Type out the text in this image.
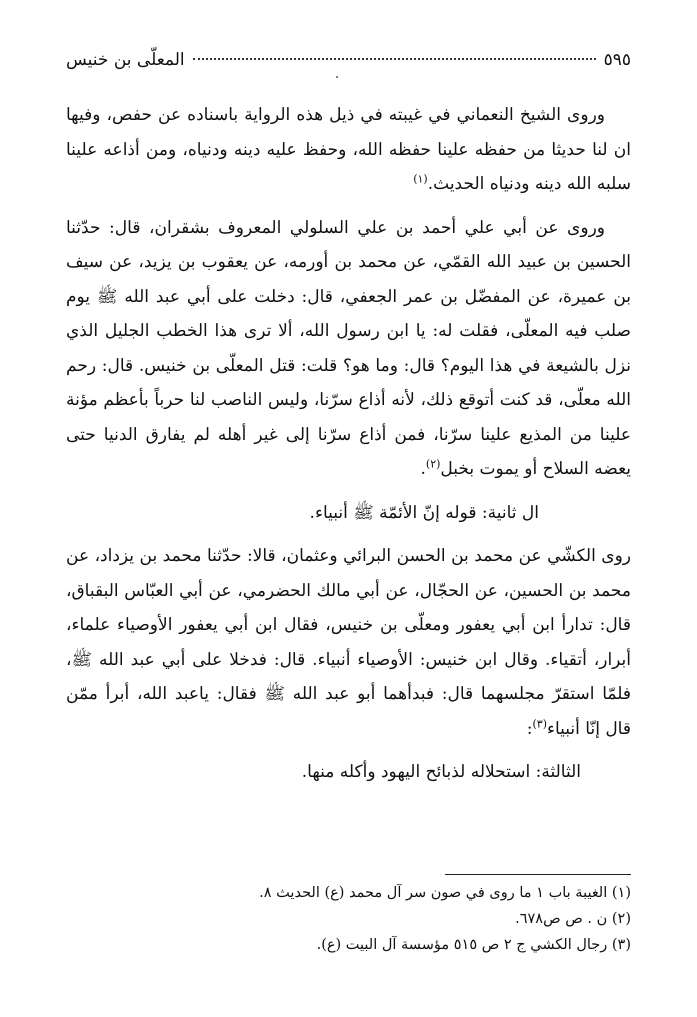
المعلّى بن خنيس	٥٩٥

وروى الشيخ النعماني في غيبته في ذيل هذه الرواية باسناده عن حفص، وفيها ان لنا حديثا من حفظه علينا حفظه الله، وحفظ عليه دينه ودنياه، ومن أذاعه علينا سلبه الله دينه ودنياه الحديث.$^{(١)}$

وروى عن أبي علي أحمد بن علي السلولي المعروف بشقران، قال: حدّثنا الحسين بن عبيد الله القمّي، عن محمد بن أورمه، عن يعقوب بن يزيد، عن سيف بن عميرة، عن المفضّل بن عمر الجعفي، قال: دخلت على أبي عبد الله ﷺ يوم صلب فيه المعلّى، فقلت له: يا ابن رسول الله، ألا ترى هذا الخطب الجليل الذي نزل بالشيعة في هذا اليوم؟ قال: وما هو؟ قلت: قتل المعلّى بن خنيس. قال: رحم الله معلّى، قد كنت أتوقع ذلك، لأنه أذاع سرّنا، وليس الناصب لنا حرباً بأعظم مؤنة علينا من المذيع علينا سرّنا، فمن أذاع سرّنا إلى غير أهله لم يفارق الدنيا حتى يعضه السلاح أو يموت بخبل$^{(٢)}$.

ال ثانية: قوله إنّ الأئمّة ﷺ أنبياء.

روى الكشّي عن محمد بن الحسن البرائي وعثمان، قالا: حدّثنا محمد بن يزداد، عن محمد بن الحسين، عن الحجّال، عن أبي مالك الحضرمي، عن أبي العبّاس البقباق، قال: تدارأ ابن أبي يعفور ومعلّى بن خنيس، فقال ابن أبي يعفور الأوصياء علماء، أبرار، أتقياء. وقال ابن خنيس: الأوصياء أنبياء. قال: فدخلا على أبي عبد الله ﷺ، فلمّا استقرّ مجلسهما قال: فبدأهما أبو عبد الله ﷺ فقال: ياعبد الله، أبرأ ممّن قال إنّا أنبياء$^{(٣)}$:

الثالثة: استحلاله لذبائح اليهود وأكله منها.

(١) الغيبة باب ١ ما روى في صون سر آل محمد (ع) الحديث ٨.
(٢) ن . ص ص٦٧٨.
(٣) رجال الكشي ج ٢ ص ٥١٥ مؤسسة آل البيت (ع).
